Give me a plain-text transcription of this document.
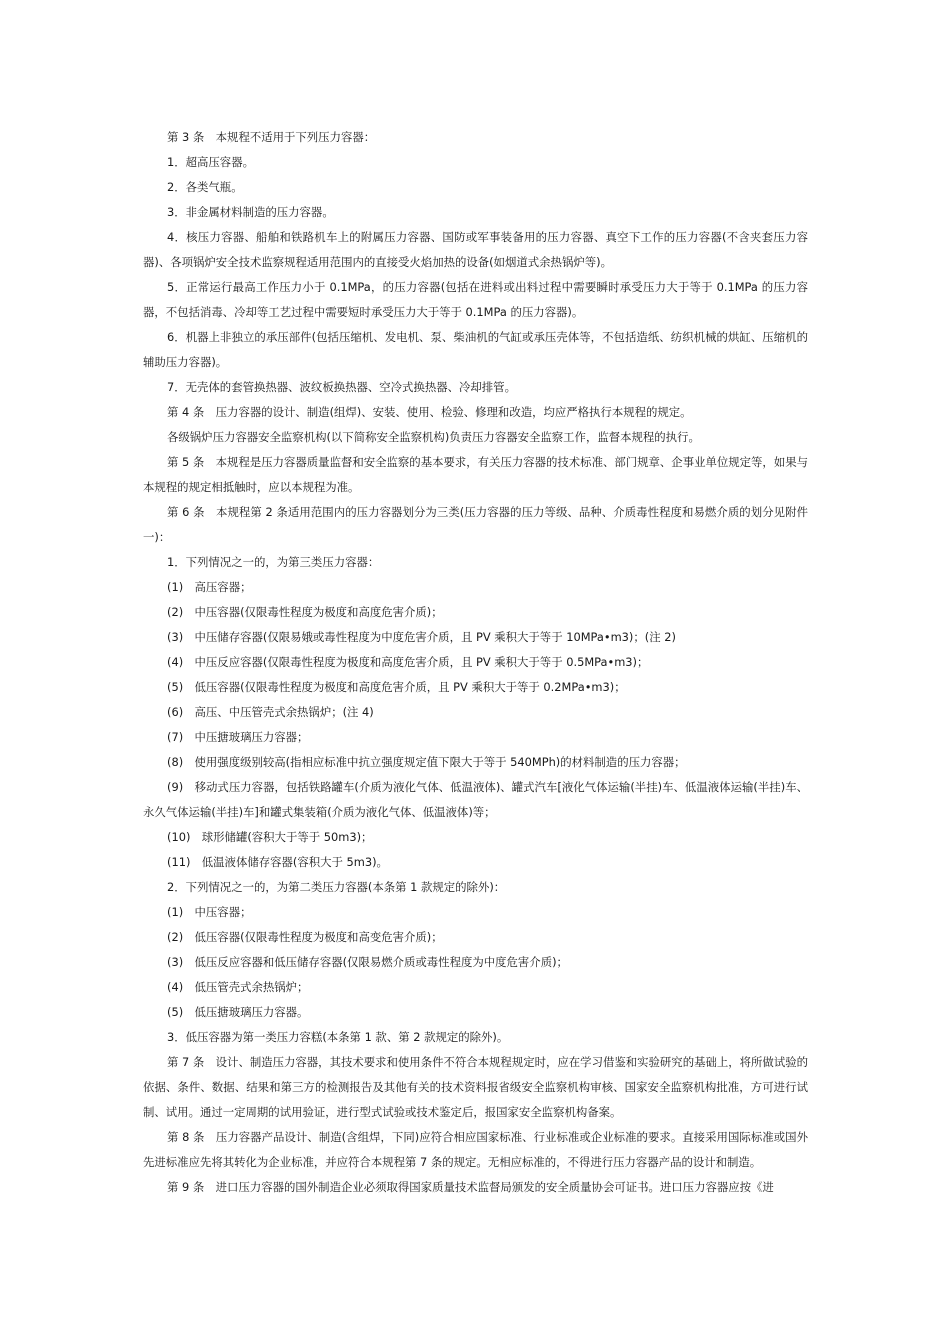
第 3 条　本规程不适用于下列压力容器：

1．超高压容器。

2．各类气瓶。

3．非金属材料制造的压力容器。

4．核压力容器、船舶和铁路机车上的附属压力容器、国防或军事装备用的压力容器、真空下工作的压力容器(不含夹套压力容器)、各项锅炉安全技术监察规程适用范围内的直接受火焰加热的设备(如烟道式余热锅炉等)。

5．正常运行最高工作压力小于 0.1MPa，的压力容器(包括在进料或出料过程中需要瞬时承受压力大于等于 0.1MPa 的压力容器，不包括消毒、冷却等工艺过程中需要短时承受压力大于等于 0.1MPa 的压力容器)。

6．机器上非独立的承压部件(包括压缩机、发电机、泵、柴油机的气缸或承压壳体等，不包括造纸、纺织机械的烘缸、压缩机的辅助压力容器)。

7．无壳体的套管换热器、波纹板换热器、空冷式换热器、冷却排管。

第 4 条　压力容器的设计、制造(组焊)、安装、使用、检验、修理和改造，均应严格执行本规程的规定。

各级锅炉压力容器安全监察机构(以下简称安全监察机构)负责压力容器安全监察工作，监督本规程的执行。

第 5 条　本规程是压力容器质量监督和安全监察的基本要求，有关压力容器的技术标准、部门规章、企事业单位规定等，如果与本规程的规定相抵触时，应以本规程为准。

第 6 条　本规程第 2 条适用范围内的压力容器划分为三类(压力容器的压力等级、品种、介质毒性程度和易燃介质的划分见附件一)：

1．下列情况之一的，为第三类压力容器：

(1)　高压容器；

(2)　中压容器(仅限毒性程度为极度和高度危害介质)；

(3)　中压储存容器(仅限易娥或毒性程度为中度危害介质，且 PV 乘积大于等于 10MPa•m3)；(注 2)

(4)　中压反应容器(仅限毒性程度为极度和高度危害介质，且 PV 乘积大于等于 0.5MPa•m3)；

(5)　低压容器(仅限毒性程度为极度和高度危害介质，且 PV 乘积大于等于 0.2MPa•m3)；

(6)　高压、中压管壳式余热锅炉；(注 4)

(7)　中压搪玻璃压力容器；

(8)　使用强度级别较高(指相应标准中抗立强度规定值下限大于等于 540MPh)的材料制造的压力容器；

(9)　移动式压力容器，包括铁路罐车(介质为液化气体、低温液体)、罐式汽车[液化气体运输(半挂)车、低温液体运输(半挂)车、永久气体运输(半挂)车]和罐式集装箱(介质为液化气体、低温液体)等；

(10)　球形储罐(容积大于等于 50m3)；

(11)　低温液体储存容器(容积大于 5m3)。

2．下列情况之一的，为第二类压力容器(本条第 1 款规定的除外)：

(1)　中压容器；

(2)　低压容器(仅限毒性程度为极度和高变危害介质)；

(3)　低压反应容器和低压储存容器(仅限易燃介质或毒性程度为中度危害介质)；

(4)　低压管壳式余热锅炉；

(5)　低压搪玻璃压力容器。

3．低压容器为第一类压力容糕(本条第 1 款、第 2 款规定的除外)。

第 7 条　设计、制造压力容器，其技术要求和使用条件不符合本规程规定时，应在学习借鉴和实验研究的基础上，将所做试验的依据、条件、数据、结果和第三方的检测报告及其他有关的技术资料报省级安全监察机构审核、国家安全监察机构批准，方可进行试制、试用。通过一定周期的试用验证，进行型式试验或技术鉴定后，报国家安全监察机构备案。

第 8 条　压力容器产品设计、制造(含组焊，下同)应符合相应国家标准、行业标准或企业标准的要求。直接采用国际标准或国外先进标准应先将其转化为企业标准，并应符合本规程第 7 条的规定。无相应标准的，不得进行压力容器产品的设计和制造。

第 9 条　进口压力容器的国外制造企业必须取得国家质量技术监督局颁发的安全质量协会可证书。进口压力容器应按《进
